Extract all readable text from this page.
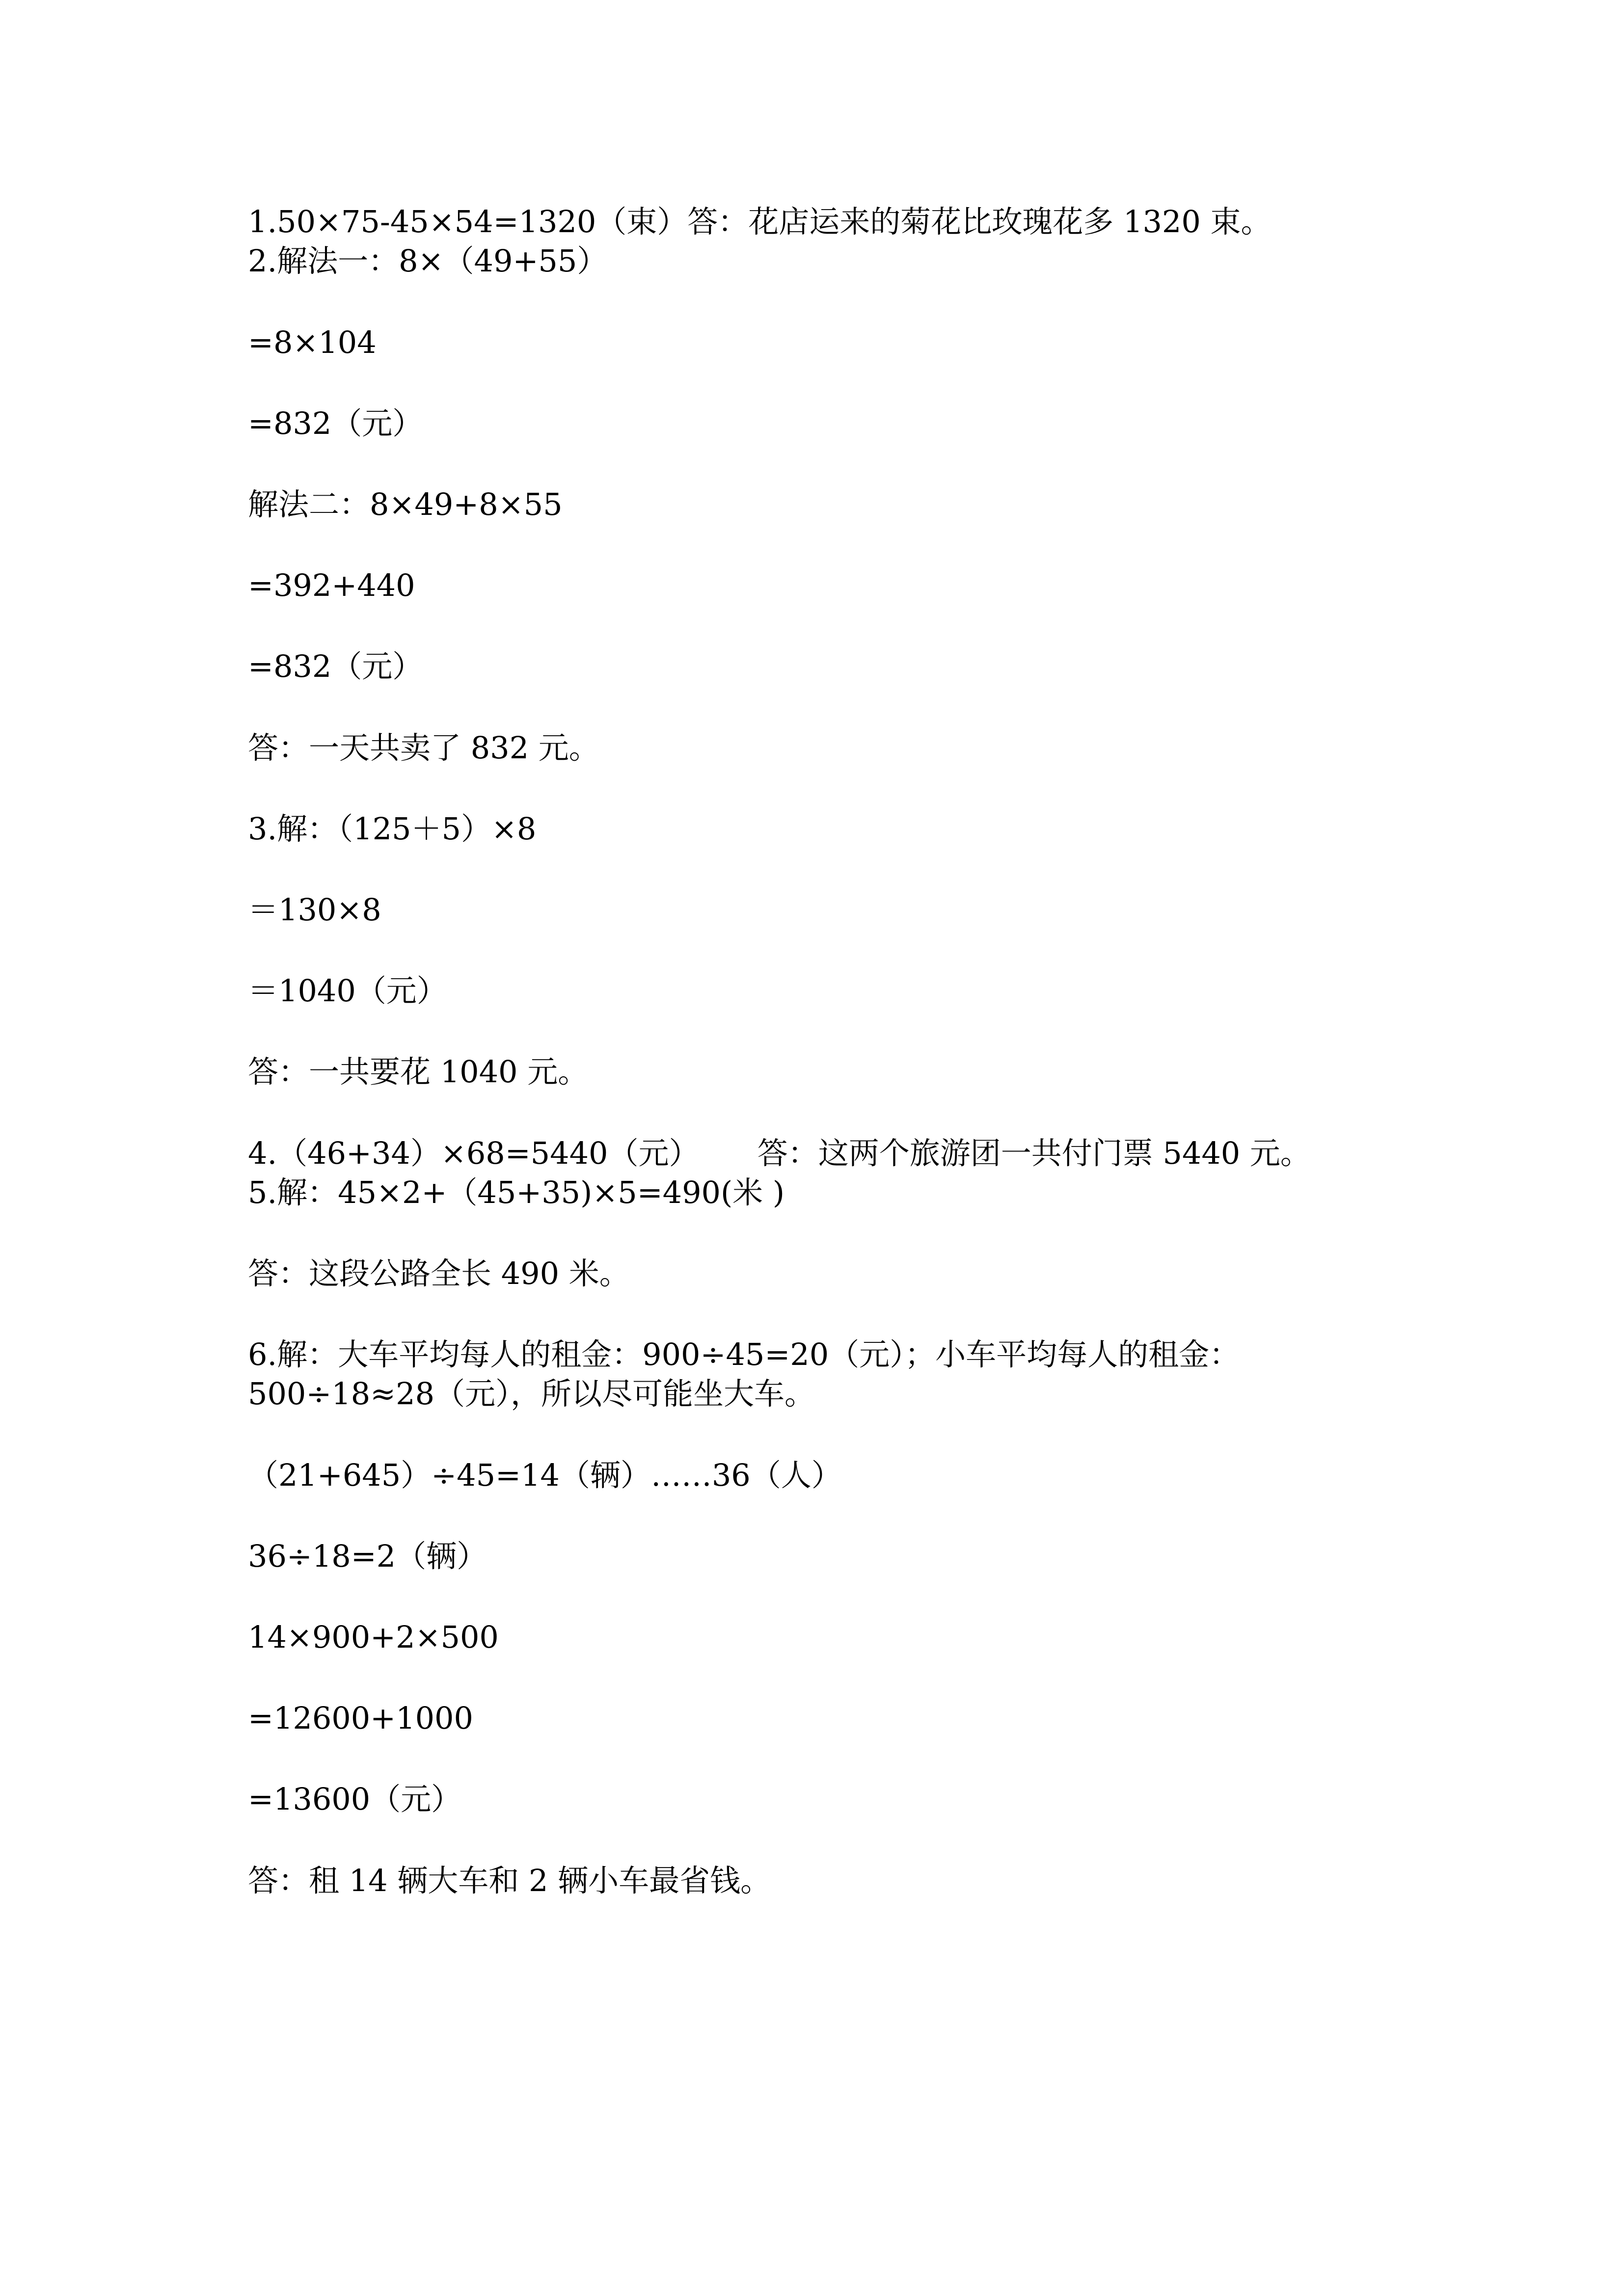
1.50×75-45×54=1320（束）答：花店运来的菊花比玫瑰花多 1320 束。
2.解法一：8×（49+55）
=8×104
=832（元）
解法二：8×49+8×55
=392+440
=832（元）
答：一天共卖了 832 元。
3.解：（125＋5）×8
＝130×8
＝1040（元）
答：一共要花 1040 元。
4.（46+34）×68=5440（元）      答：这两个旅游团一共付门票 5440 元。
5.解：45×2+（45+35)×5=490(米 )
答：这段公路全长 490 米。
6.解：大车平均每人的租金：900÷45=20（元）；小车平均每人的租金：
500÷18≈28（元），所以尽可能坐大车。
（21+645）÷45=14（辆）……36（人）
36÷18=2（辆）
14×900+2×500
=12600+1000
=13600（元）
答：租 14 辆大车和 2 辆小车最省钱。
